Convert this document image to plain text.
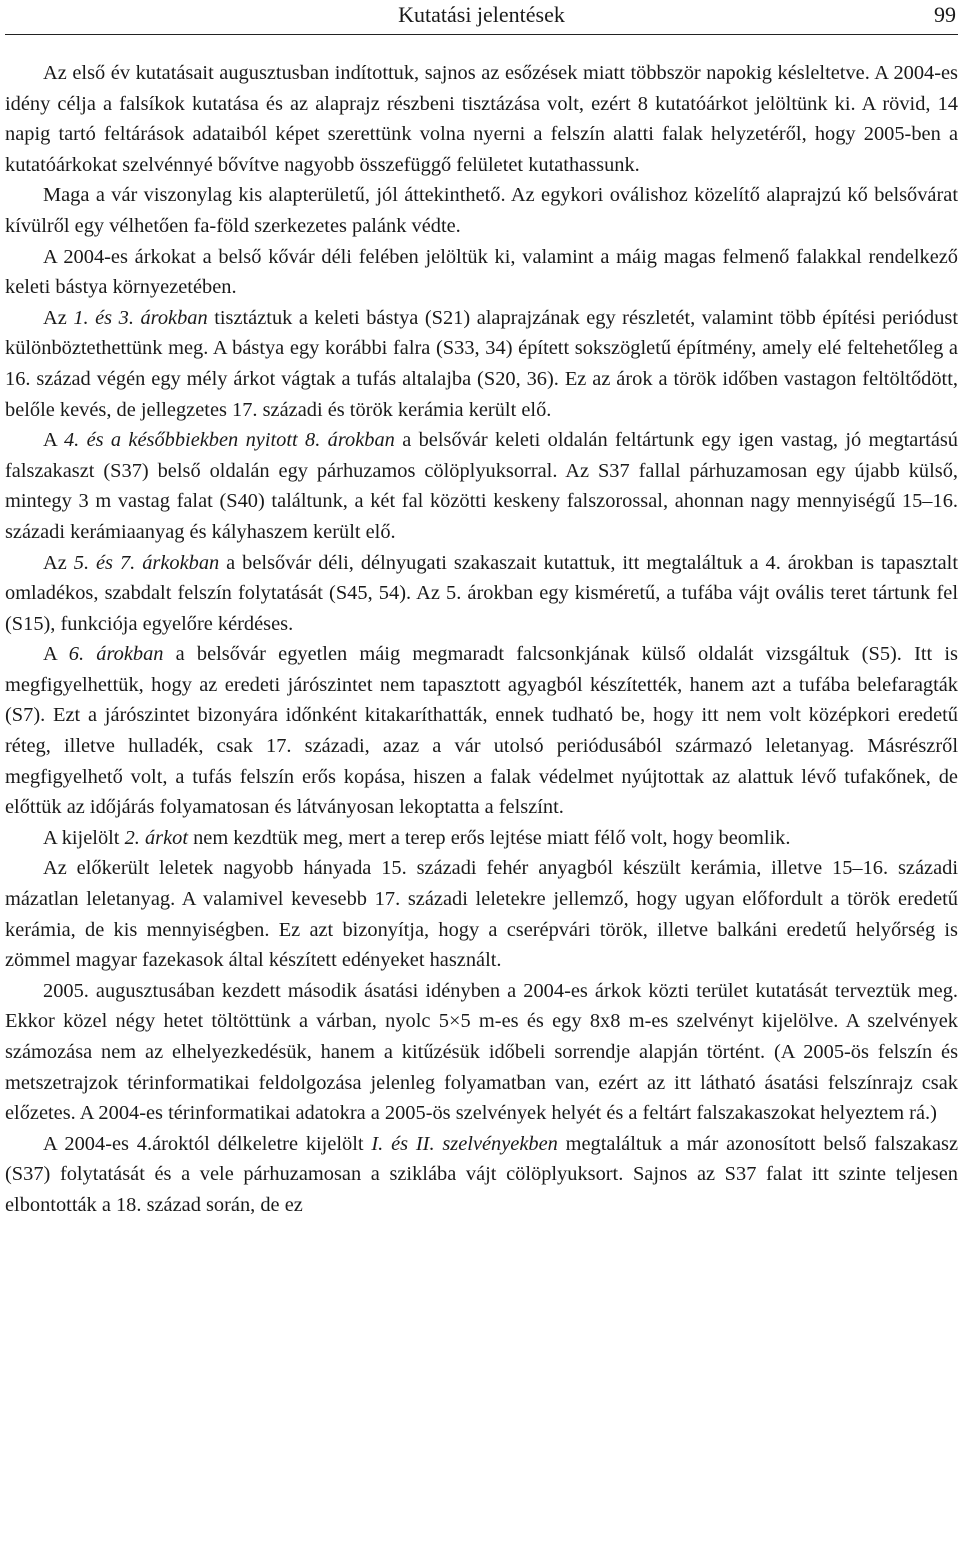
Kutatási jelentések	99

Az első év kutatásait augusztusban indítottuk, sajnos az esőzések miatt többször napokig késleltetve. A 2004-es idény célja a falsíkok kutatása és az alaprajz részbeni tisztázása volt, ezért 8 kutatóárkot jelöltünk ki. A rövid, 14 napig tartó feltárások adataiból képet szerettünk volna nyerni a felszín alatti falak helyzetéről, hogy 2005-ben a kutatóárkokat szelvénnyé bővítve nagyobb összefüggő felületet kutathassunk.

Maga a vár viszonylag kis alapterületű, jól áttekinthető. Az egykori oválishoz közelítő alaprajzú kő belsővárat kívülről egy vélhetően fa-föld szerkezetes palánk védte.

A 2004-es árkokat a belső kővár déli felében jelöltük ki, valamint a máig magas felmenő falakkal rendelkező keleti bástya környezetében.

Az 1. és 3. árokban tisztáztuk a keleti bástya (S21) alaprajzának egy részletét, valamint több építési periódust különböztethettünk meg. A bástya egy korábbi falra (S33, 34) épített sokszögletű építmény, amely elé feltehetőleg a 16. század végén egy mély árkot vágtak a tufás altalajba (S20, 36). Ez az árok a török időben vastagon feltöltődött, belőle kevés, de jellegzetes 17. századi és török kerámia került elő.

A 4. és a későbbiekben nyitott 8. árokban a belsővár keleti oldalán feltártunk egy igen vastag, jó megtartású falszakaszt (S37) belső oldalán egy párhuzamos cölöplyuksorral. Az S37 fallal párhuzamosan egy újabb külső, mintegy 3 m vastag falat (S40) találtunk, a két fal közötti keskeny falszorossal, ahonnan nagy mennyiségű 15–16. századi kerámiaanyag és kályhaszem került elő.

Az 5. és 7. árkokban a belsővár déli, délnyugati szakaszait kutattuk, itt megtaláltuk a 4. árokban is tapasztalt omladékos, szabdalt felszín folytatását (S45, 54). Az 5. árokban egy kisméretű, a tufába vájt ovális teret tártunk fel (S15), funkciója egyelőre kérdéses.

A 6. árokban a belsővár egyetlen máig megmaradt falcsonkjának külső oldalát vizsgáltuk (S5). Itt is megfigyelhettük, hogy az eredeti járószintet nem tapasztott agyagból készítették, hanem azt a tufába belefaragták (S7). Ezt a járószintet bizonyára időnként kitakaríthatták, ennek tudható be, hogy itt nem volt középkori eredetű réteg, illetve hulladék, csak 17. századi, azaz a vár utolsó periódusából származó leletanyag. Másrészről megfigyelhető volt, a tufás felszín erős kopása, hiszen a falak védelmet nyújtottak az alattuk lévő tufakőnek, de előttük az időjárás folyamatosan és látványosan lekoptatta a felszínt.

A kijelölt 2. árkot nem kezdtük meg, mert a terep erős lejtése miatt félő volt, hogy beomlik.

Az előkerült leletek nagyobb hányada 15. századi fehér anyagból készült kerámia, illetve 15–16. századi mázatlan leletanyag. A valamivel kevesebb 17. századi leletekre jellemző, hogy ugyan előfordult a török eredetű kerámia, de kis mennyiségben. Ez azt bizonyítja, hogy a cserépvári török, illetve balkáni eredetű helyőrség is zömmel magyar fazekasok által készített edényeket használt.

2005. augusztusában kezdett második ásatási idényben a 2004-es árkok közti terület kutatását terveztük meg. Ekkor közel négy hetet töltöttünk a várban, nyolc 5×5 m-es és egy 8x8 m-es szelvényt kijelölve. A szelvények számozása nem az elhelyezkedésük, hanem a kitűzésük időbeli sorrendje alapján történt. (A 2005-ös felszín és metszetrajzok térinformatikai feldolgozása jelenleg folyamatban van, ezért az itt látható ásatási felszínrajz csak előzetes. A 2004-es térinformatikai adatokra a 2005-ös szelvények helyét és a feltárt falszakaszokat helyeztem rá.)

A 2004-es 4.ároktól délkeletre kijelölt I. és II. szelvényekben megtaláltuk a már azonosított belső falszakasz (S37) folytatását és a vele párhuzamosan a sziklába vájt cölöplyuksort. Sajnos az S37 falat itt szinte teljesen elbontották a 18. század során, de ez
